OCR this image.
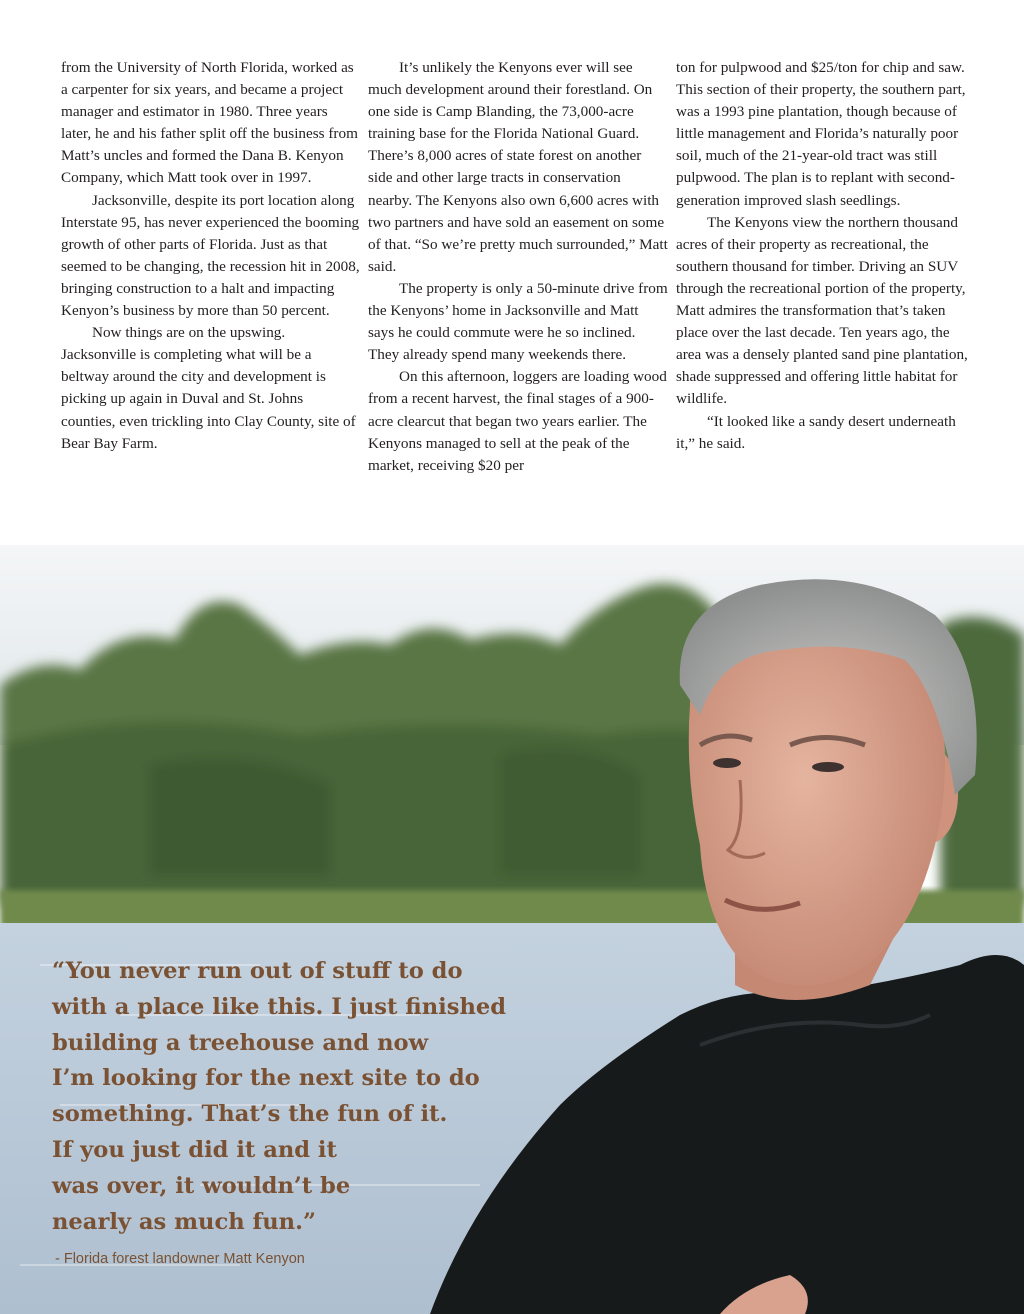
from the University of North Florida, worked as a carpenter for six years, and became a project manager and estimator in 1980. Three years later, he and his father split off the business from Matt’s uncles and formed the Dana B. Kenyon Company, which Matt took over in 1997.

Jacksonville, despite its port location along Interstate 95, has never experienced the booming growth of other parts of Florida. Just as that seemed to be changing, the recession hit in 2008, bringing construction to a halt and impacting Kenyon’s business by more than 50 percent.

Now things are on the upswing. Jacksonville is completing what will be a beltway around the city and development is picking up again in Duval and St. Johns counties, even trickling into Clay County, site of Bear Bay Farm.

It’s unlikely the Kenyons ever will see much development around their forestland. On one side is Camp Blanding, the 73,000-acre training base for the Florida National Guard. There’s 8,000 acres of state forest on another side and other large tracts in conservation nearby. The Kenyons also own 6,600 acres with two partners and have sold an easement on some of that. “So we’re pretty much surrounded,” Matt said.

The property is only a 50-minute drive from the Kenyons’ home in Jacksonville and Matt says he could commute were he so inclined. They already spend many weekends there.

On this afternoon, loggers are loading wood from a recent harvest, the final stages of a 900-acre clearcut that began two years earlier. The Kenyons managed to sell at the peak of the market, receiving $20 per

ton for pulpwood and $25/ton for chip and saw. This section of their property, the southern part, was a 1993 pine plantation, though because of little management and Florida’s naturally poor soil, much of the 21-year-old tract was still pulpwood. The plan is to replant with second-generation improved slash seedlings.

The Kenyons view the northern thousand acres of their property as recreational, the southern thousand for timber. Driving an SUV through the recreational portion of the property, Matt admires the transformation that’s taken place over the last decade. Ten years ago, the area was a densely planted sand pine plantation, shade suppressed and offering little habitat for wildlife.

“It looked like a sandy desert underneath it,” he said.

“You never run out of stuff to do
with a place like this. I just finished
building a treehouse and now
I’m looking for the next site to do
something. That’s the fun of it.
If you just did it and it
was over, it wouldn’t be
nearly as much fun.”
- Florida forest landowner Matt Kenyon
